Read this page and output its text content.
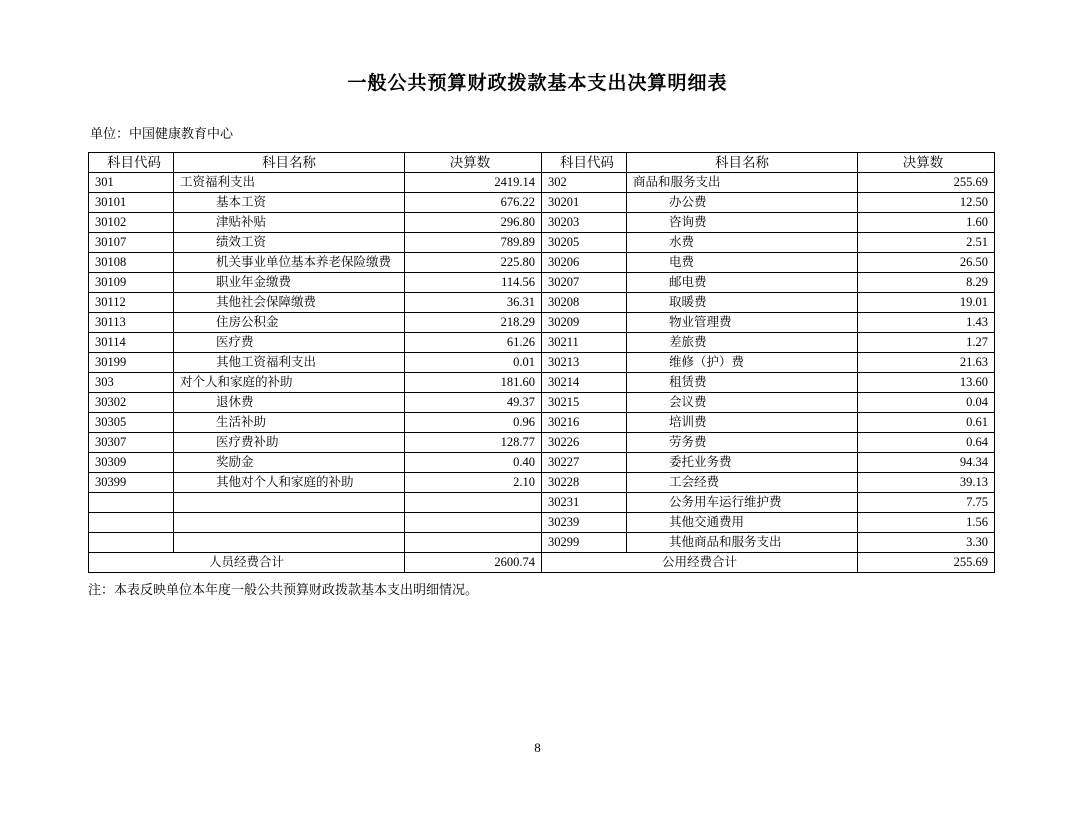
一般公共预算财政拨款基本支出决算明细表
单位：中国健康教育中心
科目代码	科目名称	决算数	科目代码	科目名称	决算数
301	工资福利支出	2419.14	302	商品和服务支出	255.69
30101	基本工资	676.22	30201	办公费	12.50
30102	津贴补贴	296.80	30203	咨询费	1.60
30107	绩效工资	789.89	30205	水费	2.51
30108	机关事业单位基本养老保险缴费	225.80	30206	电费	26.50
30109	职业年金缴费	114.56	30207	邮电费	8.29
30112	其他社会保障缴费	36.31	30208	取暖费	19.01
30113	住房公积金	218.29	30209	物业管理费	1.43
30114	医疗费	61.26	30211	差旅费	1.27
30199	其他工资福利支出	0.01	30213	维修（护）费	21.63
303	对个人和家庭的补助	181.60	30214	租赁费	13.60
30302	退休费	49.37	30215	会议费	0.04
30305	生活补助	0.96	30216	培训费	0.61
30307	医疗费补助	128.77	30226	劳务费	0.64
30309	奖励金	0.40	30227	委托业务费	94.34
30399	其他对个人和家庭的补助	2.10	30228	工会经费	39.13
			30231	公务用车运行维护费	7.75
			30239	其他交通费用	1.56
			30299	其他商品和服务支出	3.30
人员经费合计		2600.74	公用经费合计		255.69
注：本表反映单位本年度一般公共预算财政拨款基本支出明细情况。
8
